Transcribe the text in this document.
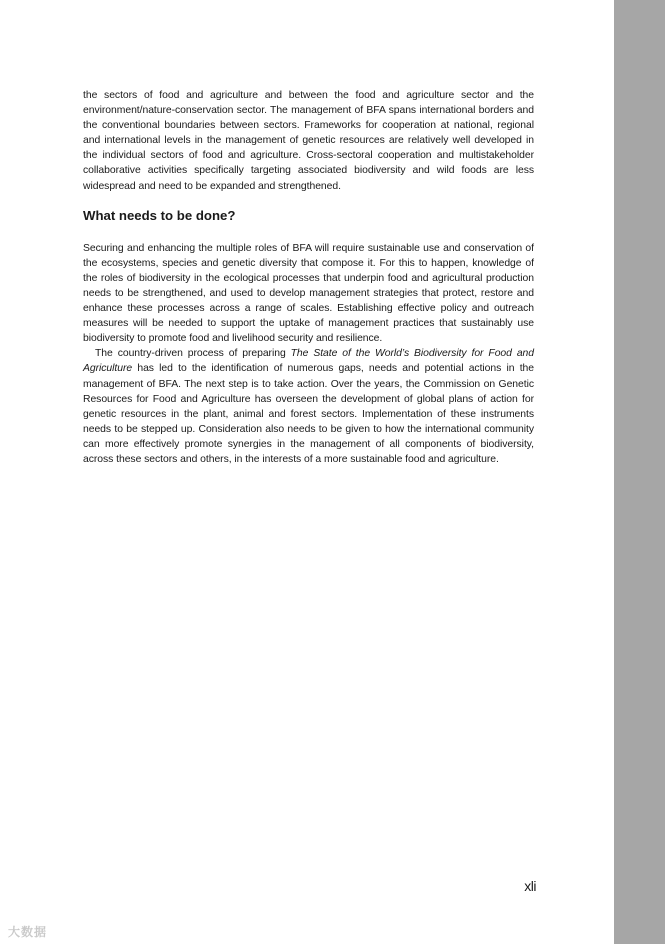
the sectors of food and agriculture and between the food and agriculture sector and the environment/nature-conservation sector. The management of BFA spans international borders and the conventional boundaries between sectors. Frameworks for cooperation at national, regional and international levels in the management of genetic resources are relatively well developed in the individual sectors of food and agriculture. Cross-sectoral cooperation and multistakeholder collaborative activities specifically targeting associated biodiversity and wild foods are less widespread and need to be expanded and strengthened.

What needs to be done?

Securing and enhancing the multiple roles of BFA will require sustainable use and conservation of the ecosystems, species and genetic diversity that compose it. For this to happen, knowledge of the roles of biodiversity in the ecological processes that underpin food and agricultural production needs to be strengthened, and used to develop management strategies that protect, restore and enhance these processes across a range of scales. Establishing effective policy and outreach measures will be needed to support the uptake of management practices that sustainably use biodiversity to promote food and livelihood security and resilience.

The country-driven process of preparing The State of the World’s Biodiversity for Food and Agriculture has led to the identification of numerous gaps, needs and potential actions in the management of BFA. The next step is to take action. Over the years, the Commission on Genetic Resources for Food and Agriculture has overseen the development of global plans of action for genetic resources in the plant, animal and forest sectors. Implementation of these instruments needs to be stepped up. Consideration also needs to be given to how the international community can more effectively promote synergies in the management of all components of biodiversity, across these sectors and others, in the interests of a more sustainable food and agriculture.

xli
大数据
